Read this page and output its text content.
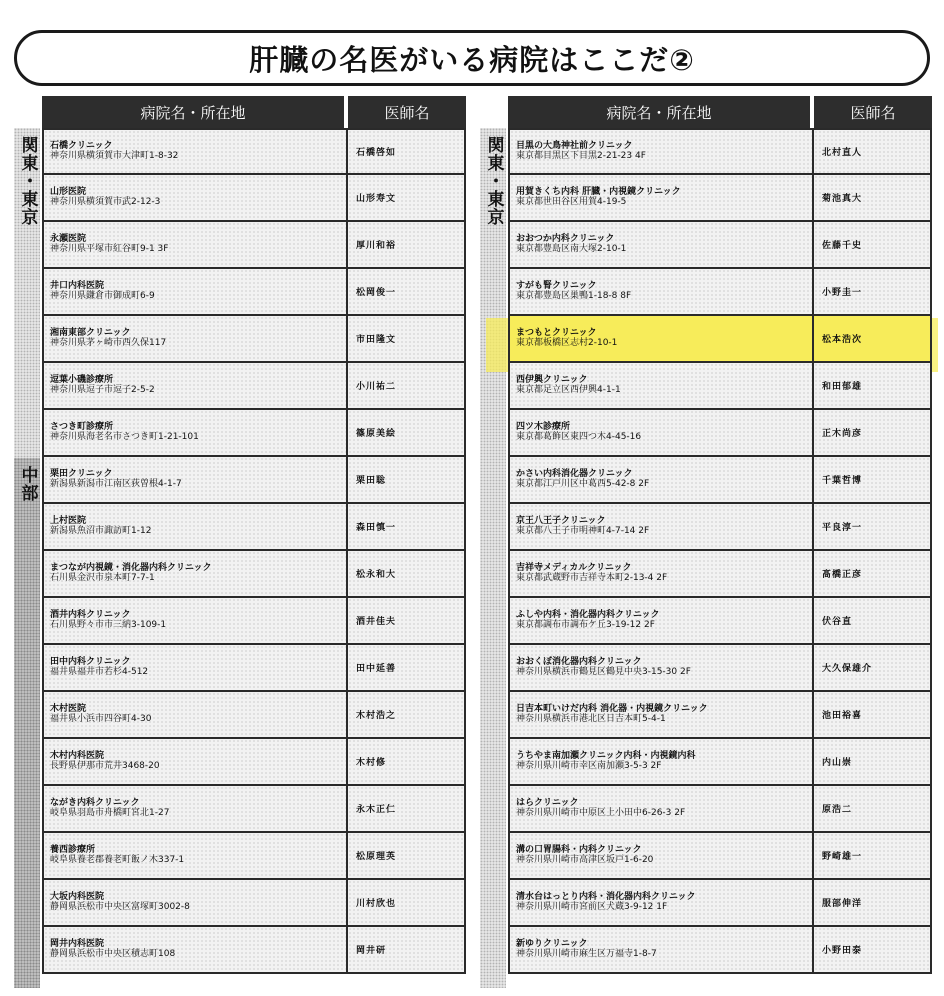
肝臓の名医がいる病院はここだ②
関東・東京
中部
関東・東京
病院名・所在地	医師名
石橋クリニック
神奈川県横須賀市大津町1-8-32	石橋啓如
山形医院
神奈川県横須賀市武2-12-3	山形寿文
永瀬医院
神奈川県平塚市紅谷町9-1 3F	厚川和裕
井口内科医院
神奈川県鎌倉市御成町6-9	松岡俊一
湘南東部クリニック
神奈川県茅ヶ崎市西久保117	市田隆文
逗葉小磯診療所
神奈川県逗子市逗子2-5-2	小川祐二
さつき町診療所
神奈川県海老名市さつき町1-21-101	篠原美絵
栗田クリニック
新潟県新潟市江南区荻曽根4-1-7	栗田聡
上村医院
新潟県魚沼市諏訪町1-12	森田慎一
まつなが内視鏡・消化器内科クリニック
石川県金沢市泉本町7-7-1	松永和大
酒井内科クリニック
石川県野々市市三納3-109-1	酒井佳夫
田中内科クリニック
福井県福井市若杉4-512	田中延善
木村医院
福井県小浜市四谷町4-30	木村浩之
木村内科医院
長野県伊那市荒井3468-20	木村修
ながき内科クリニック
岐阜県羽島市舟橋町宮北1-27	永木正仁
養西診療所
岐阜県養老郡養老町飯ノ木337-1	松原理英
大坂内科医院
静岡県浜松市中央区富塚町3002-8	川村欣也
岡井内科医院
静岡県浜松市中央区積志町108	岡井研
病院名・所在地	医師名
目黒の大鳥神社前クリニック
東京都目黒区下目黒2-21-23 4F	北村直人
用賀きくち内科 肝臓・内視鏡クリニック
東京都世田谷区用賀4-19-5	菊池真大
おおつか内科クリニック
東京都豊島区南大塚2-10-1	佐藤千史
すがも腎クリニック
東京都豊島区巣鴨1-18-8 8F	小野圭一
まつもとクリニック
東京都板橋区志村2-10-1	松本浩次
西伊興クリニック
東京都足立区西伊興4-1-1	和田郁雄
四ツ木診療所
東京都葛飾区東四つ木4-45-16	正木尚彦
かさい内科消化器クリニック
東京都江戸川区中葛西5-42-8 2F	千葉哲博
京王八王子クリニック
東京都八王子市明神町4-7-14 2F	平良淳一
吉祥寺メディカルクリニック
東京都武蔵野市吉祥寺本町2-13-4 2F	髙橋正彦
ふしや内科・消化器内科クリニック
東京都調布市調布ケ丘3-19-12 2F	伏谷直
おおくぼ消化器内科クリニック
神奈川県横浜市鶴見区鶴見中央3-15-30 2F	大久保雄介
日吉本町いけだ内科 消化器・内視鏡クリニック
神奈川県横浜市港北区日吉本町5-4-1	池田裕喜
うちやま南加瀬クリニック内科・内視鏡内科
神奈川県川崎市幸区南加瀬3-5-3 2F	内山崇
はらクリニック
神奈川県川崎市中原区上小田中6-26-3 2F	原浩二
溝の口胃腸科・内科クリニック
神奈川県川崎市高津区坂戸1-6-20	野崎雄一
清水台はっとり内科・消化器内科クリニック
神奈川県川崎市宮前区犬蔵3-9-12 1F	服部伸洋
新ゆりクリニック
神奈川県川崎市麻生区万福寺1-8-7	小野田泰
